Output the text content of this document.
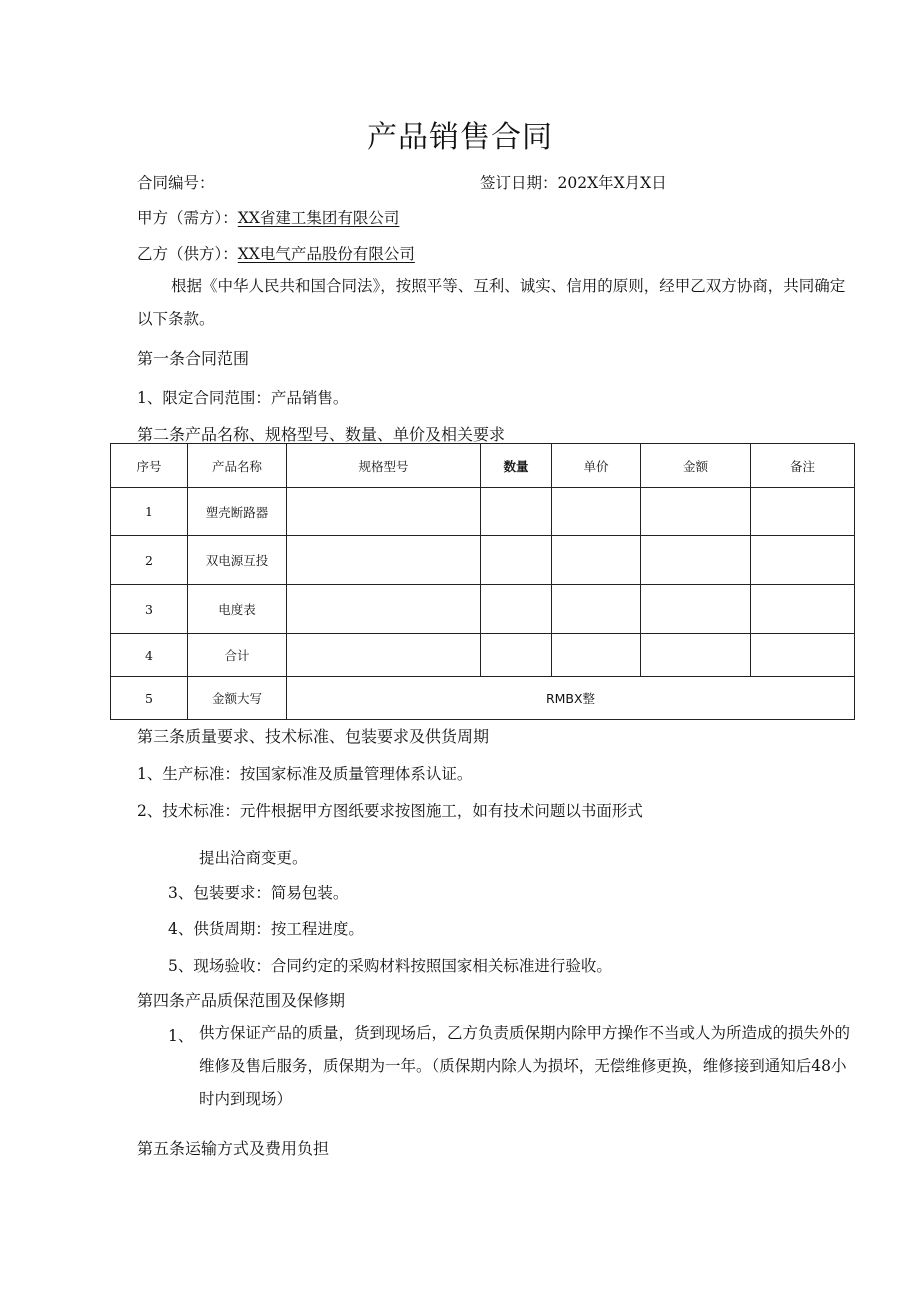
产品销售合同
合同编号：	签订日期：202X年X月X日
甲方（需方）：XX省建工集团有限公司
乙方（供方）：XX电气产品股份有限公司
根据《中华人民共和国合同法》，按照平等、互利、诚实、信用的原则，经甲乙双方协商，共同确定以下条款。
第一条合同范围
1、限定合同范围：产品销售。
第二条产品名称、规格型号、数量、单价及相关要求
序号	产品名称	规格型号	数量	单价	金额	备注
1	塑壳断路器					
2	双电源互投					
3	电度表					
4	合计					
5	金额大写	RMBX整				
第三条质量要求、技术标准、包装要求及供货周期
1、生产标准：按国家标准及质量管理体系认证。
2、技术标准：元件根据甲方图纸要求按图施工，如有技术问题以书面形式
提出洽商变更。
3、包装要求：简易包装。
4、供货周期：按工程进度。
5、现场验收：合同约定的采购材料按照国家相关标准进行验收。
第四条产品质保范围及保修期
1、 供方保证产品的质量，货到现场后，乙方负责质保期内除甲方操作不当或人为所造成的损失外的维修及售后服务，质保期为一年。（质保期内除人为损坏，无偿维修更换，维修接到通知后48小时内到现场）
第五条运输方式及费用负担
